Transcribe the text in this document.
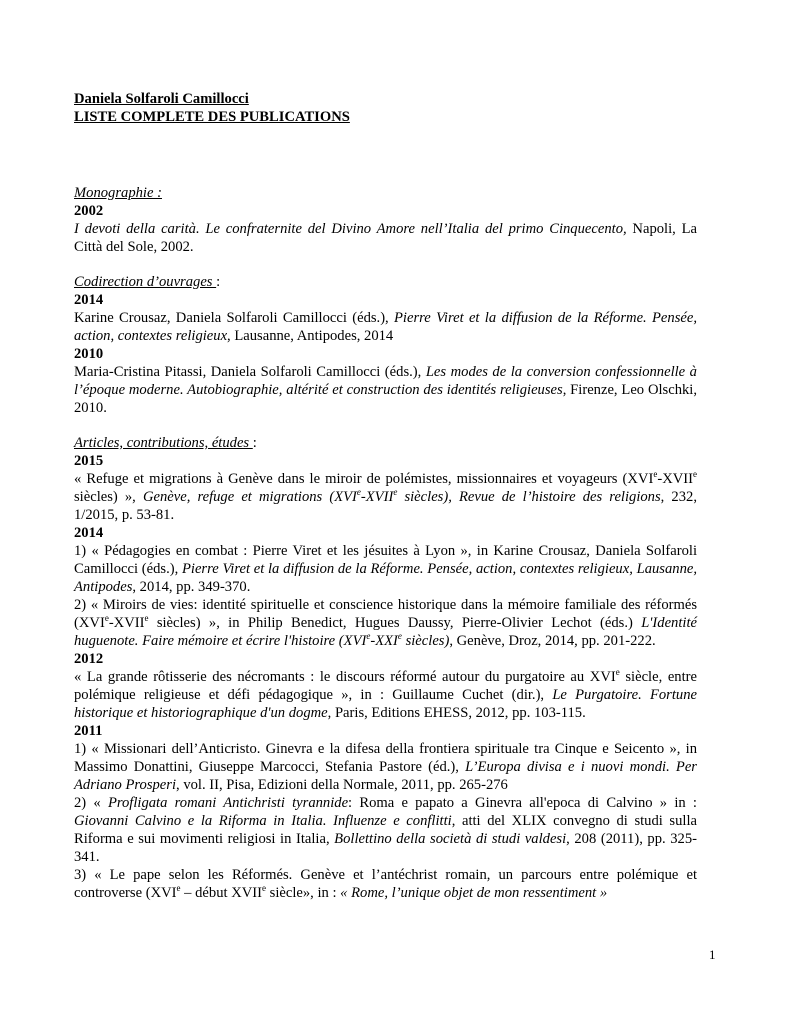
Daniela Solfaroli Camillocci
LISTE COMPLETE DES PUBLICATIONS
Monographie :
2002

I devoti della carità. Le confraternite del Divino Amore nell’Italia del primo Cinquecento, Napoli, La Città del Sole, 2002.

Codirection d’ouvrages :
2014

Karine Crousaz, Daniela Solfaroli Camillocci (éds.), Pierre Viret et la diffusion de la Réforme. Pensée, action, contextes religieux, Lausanne, Antipodes, 2014

2010

Maria-Cristina Pitassi, Daniela Solfaroli Camillocci (éds.), Les modes de la conversion confessionnelle à l’époque moderne. Autobiographie, altérité et construction des identités religieuses, Firenze, Leo Olschki, 2010.

Articles, contributions, études :
2015

« Refuge et migrations à Genève dans le miroir de polémistes, missionnaires et voyageurs (XVIe-XVIIe siècles) », Genève, refuge et migrations (XVIe-XVIIe siècles), Revue de l’histoire des religions, 232, 1/2015, p. 53-81.

2014

1) « Pédagogies en combat : Pierre Viret et les jésuites à Lyon », in Karine Crousaz, Daniela Solfaroli Camillocci (éds.), Pierre Viret et la diffusion de la Réforme. Pensée, action, contextes religieux, Lausanne, Antipodes, 2014, pp. 349-370.

2) « Miroirs de vies: identité spirituelle et conscience historique dans la mémoire familiale des réformés (XVIe-XVIIe siècles) », in Philip Benedict, Hugues Daussy, Pierre-Olivier Lechot (éds.) L'Identité huguenote. Faire mémoire et écrire l'histoire (XVIe-XXIe siècles), Genève, Droz, 2014, pp. 201-222.

2012

« La grande rôtisserie des nécromants : le discours réformé autour du purgatoire au XVIe siècle, entre polémique religieuse et défi pédagogique », in : Guillaume Cuchet (dir.), Le Purgatoire. Fortune historique et historiographique d'un dogme, Paris, Editions EHESS, 2012, pp. 103-115.

2011

1) « Missionari dell’Anticristo. Ginevra e la difesa della frontiera spirituale tra Cinque e Seicento », in Massimo Donattini, Giuseppe Marcocci, Stefania Pastore (éd.), L’Europa divisa e i nuovi mondi. Per Adriano Prosperi, vol. II, Pisa, Edizioni della Normale, 2011, pp. 265-276

2) « Profligata romani Antichristi tyrannide: Roma e papato a Ginevra all'epoca di Calvino » in : Giovanni Calvino e la Riforma in Italia. Influenze e conflitti, atti del XLIX convegno di studi sulla Riforma e sui movimenti religiosi in Italia, Bollettino della società di studi valdesi, 208 (2011), pp. 325-341.

3) « Le pape selon les Réformés. Genève et l’antéchrist romain, un parcours entre polémique et controverse (XVIe – début XVIIe siècle», in : « Rome, l’unique objet de mon ressentiment »

1
